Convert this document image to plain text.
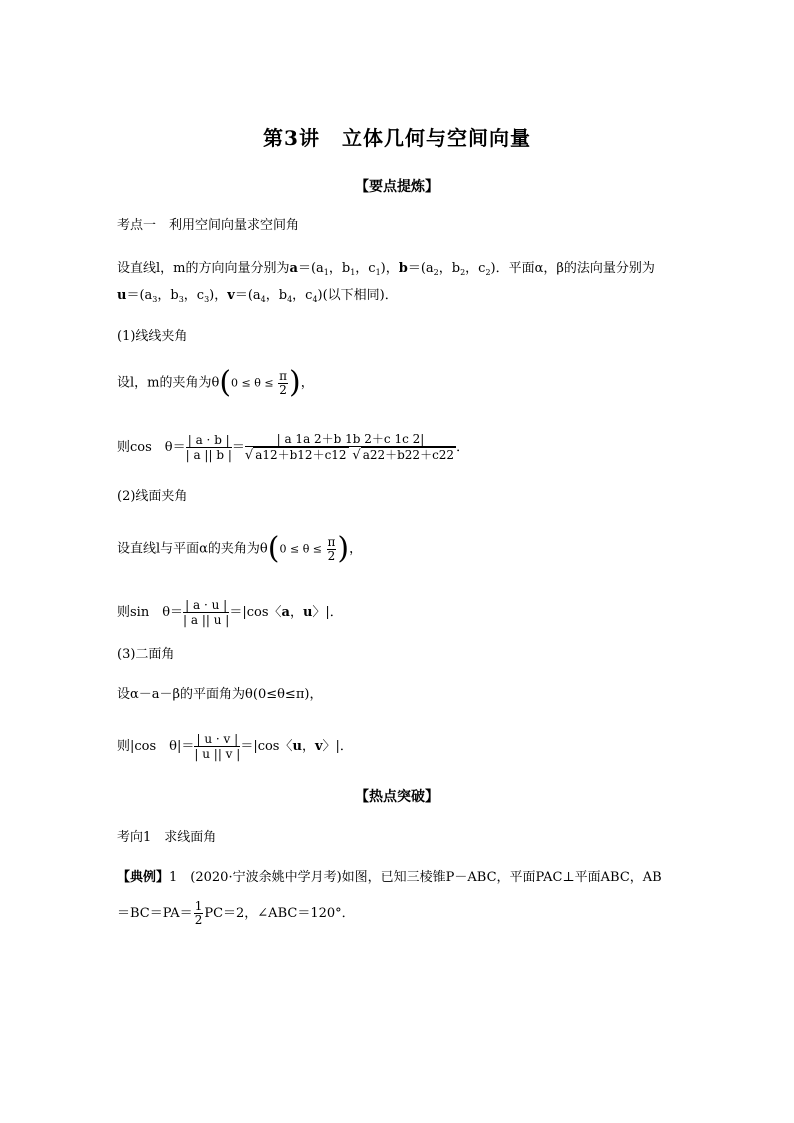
第3讲 立体几何与空间向量
【要点提炼】
考点一　利用空间向量求空间角
设直线l，m的方向向量分别为$a=(a_1$，$b_1$，$c_1$)，$b=(a_2$，$b_2$，$c_2$)．平面α，β的法向量分别为
$u=(a_3$，$b_3$，$c_3$)，$v=(a_4$，$b_4$，$c_4$)(以下相同)．
(1)线线夹角
设l，m的夹角为$\theta(0 \le \theta \le \frac{\pi}{2}$ )，
则cos　$\theta= \frac{| a \cdot b |}{| a || b |} = \frac{| a 1a 2+b 1b 2+c 1c 2|}{√ a12+b12+c12 √ a22+b22+c22}$ ．
(2)线面夹角
设直线l与平面α的夹角为$\theta(0 \le \theta \le \frac{\pi}{2}$ )，
则sin　$\theta= \frac{| a \cdot u |}{| a || u |} =|\cos$〈a，u〉|．
(3)二面角
设α－a－β的平面角为θ(0≤θ≤π)，
则|cos　$\theta|= \frac{| u \cdot v |}{| u || v |} =|\cos$〈u，v〉|．
【热点突破】
考向1　求线面角
【典例】1　(2020·宁波余姚中学月考)如图，已知三棱锥P－ABC，平面PAC⊥平面ABC，AB
$=BC=PA= \frac{1}{2} PC=2$，∠ABC＝120°．
